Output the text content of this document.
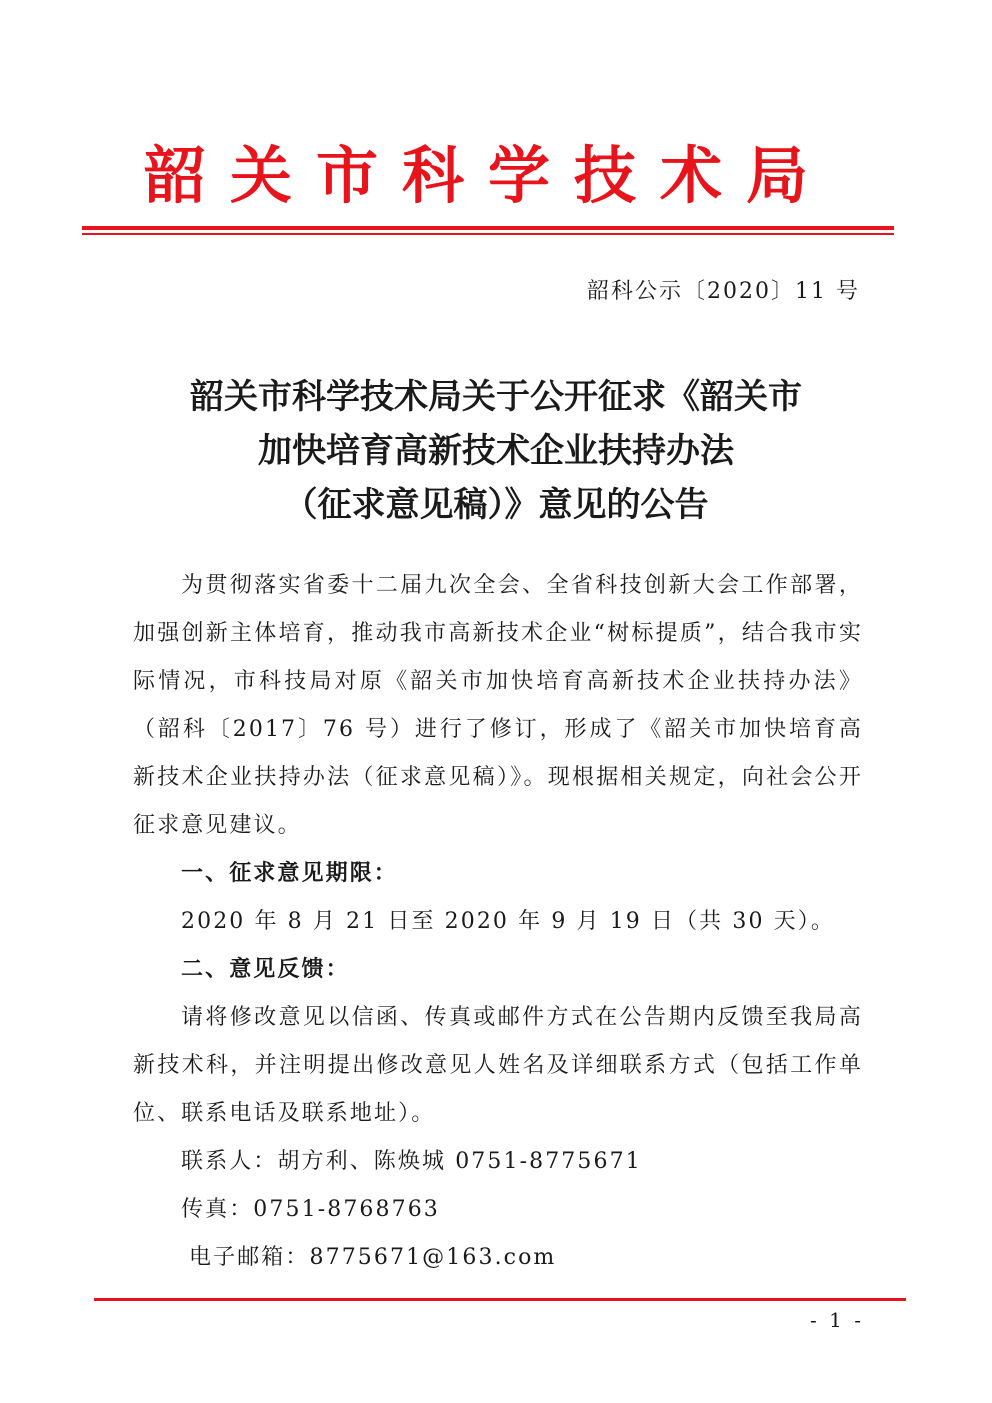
韶关市科学技术局
韶科公示〔2020〕11 号
韶关市科学技术局关于公开征求《韶关市
加快培育高新技术企业扶持办法
（征求意见稿）》意见的公告

为贯彻落实省委十二届九次全会、全省科技创新大会工作部署，加强创新主体培育，推动我市高新技术企业“树标提质”，结合我市实际情况，市科技局对原《韶关市加快培育高新技术企业扶持办法》（韶科〔2017〕76 号）进行了修订，形成了《韶关市加快培育高新技术企业扶持办法（征求意见稿）》。现根据相关规定，向社会公开征求意见建议。

一、征求意见期限：

2020 年 8 月 21 日至 2020 年 9 月 19 日（共 30 天）。

二、意见反馈：

请将修改意见以信函、传真或邮件方式在公告期内反馈至我局高新技术科，并注明提出修改意见人姓名及详细联系方式（包括工作单位、联系电话及联系地址）。

联系人：胡方利、陈焕城 0751-8775671

传真：0751-8768763

电子邮箱：8775671@163.com

- 1 -
